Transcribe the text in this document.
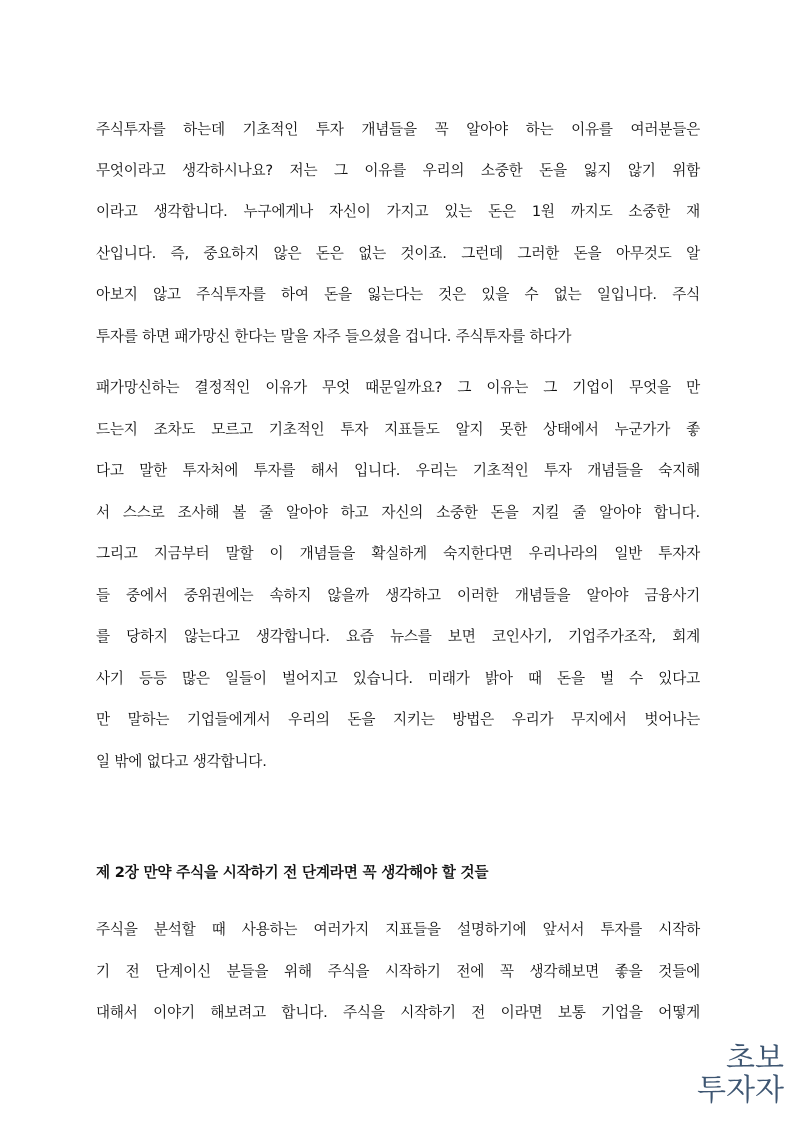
주식투자를 하는데 기초적인 투자 개념들을 꼭 알아야 하는 이유를 여러분들은
무엇이라고 생각하시나요? 저는 그 이유를 우리의 소중한 돈을 잃지 않기 위함
이라고 생각합니다. 누구에게나 자신이 가지고 있는 돈은 1원 까지도 소중한 재
산입니다. 즉, 중요하지 않은 돈은 없는 것이죠. 그런데 그러한 돈을 아무것도 알
아보지 않고 주식투자를 하여 돈을 잃는다는 것은 있을 수 없는 일입니다. 주식
투자를 하면 패가망신 한다는 말을 자주 들으셨을 겁니다. 주식투자를 하다가
패가망신하는 결정적인 이유가 무엇 때문일까요? 그 이유는 그 기업이 무엇을 만
드는지 조차도 모르고 기초적인 투자 지표들도 알지 못한 상태에서 누군가가 좋
다고 말한 투자처에 투자를 해서 입니다. 우리는 기초적인 투자 개념들을 숙지해
서 스스로 조사해 볼 줄 알아야 하고 자신의 소중한 돈을 지킬 줄 알아야 합니다.
그리고 지금부터 말할 이 개념들을 확실하게 숙지한다면 우리나라의 일반 투자자
들 중에서 중위권에는 속하지 않을까 생각하고 이러한 개념들을 알아야 금융사기
를 당하지 않는다고 생각합니다. 요즘 뉴스를 보면 코인사기, 기업주가조작, 회계
사기 등등 많은 일들이 벌어지고 있습니다. 미래가 밝아 때 돈을 벌 수 있다고
만 말하는 기업들에게서 우리의 돈을 지키는 방법은 우리가 무지에서 벗어나는
일 밖에 없다고 생각합니다.
제 2장 만약 주식을 시작하기 전 단계라면 꼭 생각해야 할 것들
주식을 분석할 때 사용하는 여러가지 지표들을 설명하기에 앞서서 투자를 시작하
기 전 단계이신 분들을 위해 주식을 시작하기 전에 꼭 생각해보면 좋을 것들에
대해서 이야기 해보려고 합니다. 주식을 시작하기 전 이라면 보통 기업을 어떻게
초보
투자자
